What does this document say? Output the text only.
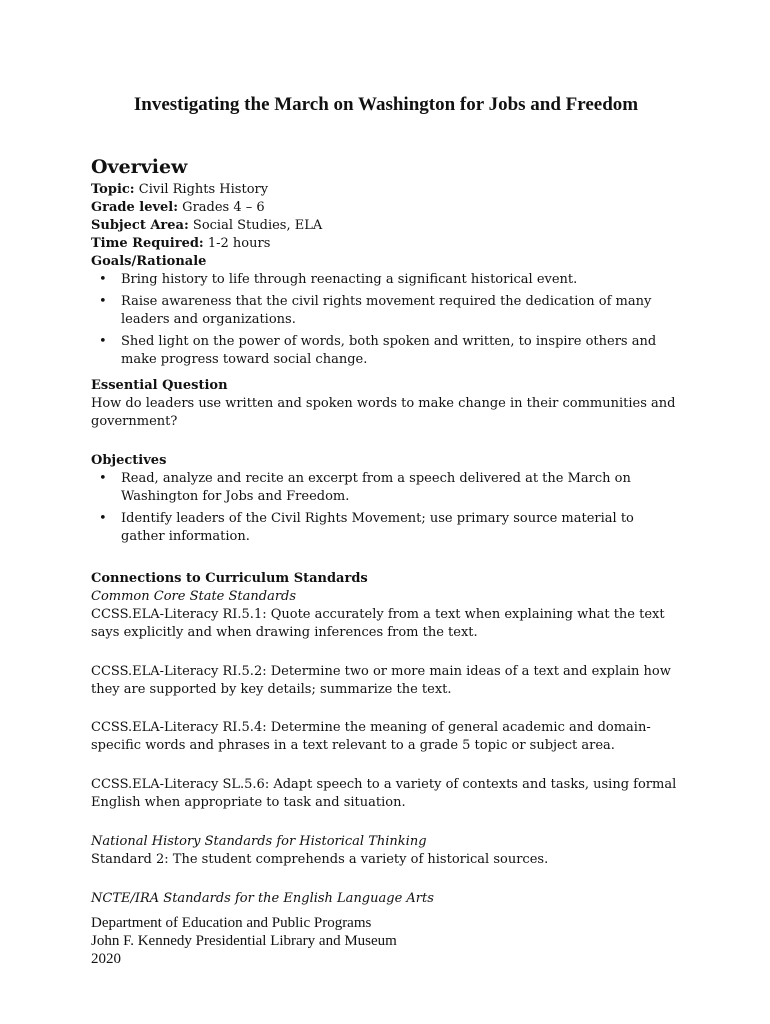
Investigating the March on Washington for Jobs and Freedom
Overview

Topic: Civil Rights History

Grade level: Grades 4 – 6

Subject Area: Social Studies, ELA

Time Required: 1-2 hours

Goals/Rationale

• Bring history to life through reenacting a significant historical event.
• Raise awareness that the civil rights movement required the dedication of many leaders and organizations.
• Shed light on the power of words, both spoken and written, to inspire others and make progress toward social change.

Essential Question

How do leaders use written and spoken words to make change in their communities and government?

Objectives

• Read, analyze and recite an excerpt from a speech delivered at the March on Washington for Jobs and Freedom.
• Identify leaders of the Civil Rights Movement; use primary source material to gather information.

Connections to Curriculum Standards

Common Core State Standards

CCSS.ELA-Literacy RI.5.1: Quote accurately from a text when explaining what the text says explicitly and when drawing inferences from the text.

CCSS.ELA-Literacy RI.5.2: Determine two or more main ideas of a text and explain how they are supported by key details; summarize the text.

CCSS.ELA-Literacy RI.5.4: Determine the meaning of general academic and domain-specific words and phrases in a text relevant to a grade 5 topic or subject area.

CCSS.ELA-Literacy SL.5.6: Adapt speech to a variety of contexts and tasks, using formal English when appropriate to task and situation.

National History Standards for Historical Thinking

Standard 2: The student comprehends a variety of historical sources.

NCTE/IRA Standards for the English Language Arts

Department of Education and Public Programs
John F. Kennedy Presidential Library and Museum
2020
